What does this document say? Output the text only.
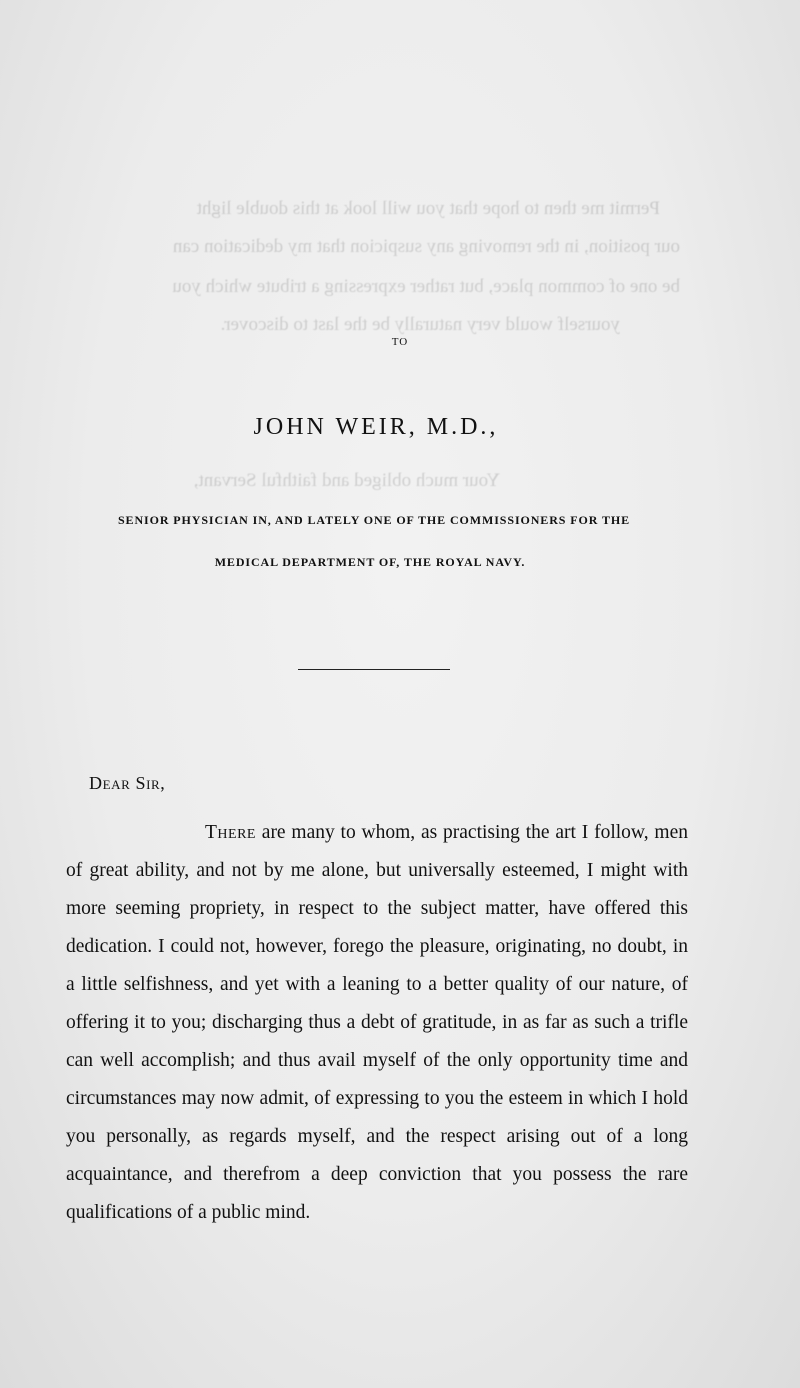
Permit me then to hope that you will look at this double light
our position, in the removing any suspicion that my dedication can
be one of common place, but rather expressing a tribute which you
yourself would very naturally be the last to discover.
Your much obliged and faithful Servant,
TO
JOHN WEIR, M.D.,
SENIOR PHYSICIAN IN, AND LATELY ONE OF THE COMMISSIONERS FOR THE
MEDICAL DEPARTMENT OF, THE ROYAL NAVY.
Dear Sir,
There are many to whom, as practising the art I follow, men of great ability, and not by me alone, but universally esteemed, I might with more seeming propriety, in respect to the subject matter, have offered this dedication. I could not, however, forego the pleasure, originating, no doubt, in a little selfishness, and yet with a leaning to a better quality of our nature, of offering it to you; discharging thus a debt of gratitude, in as far as such a trifle can well accomplish; and thus avail myself of the only opportunity time and circumstances may now admit, of expressing to you the esteem in which I hold you personally, as regards myself, and the respect arising out of a long acquaintance, and therefrom a deep conviction that you possess the rare qualifications of a public mind.
